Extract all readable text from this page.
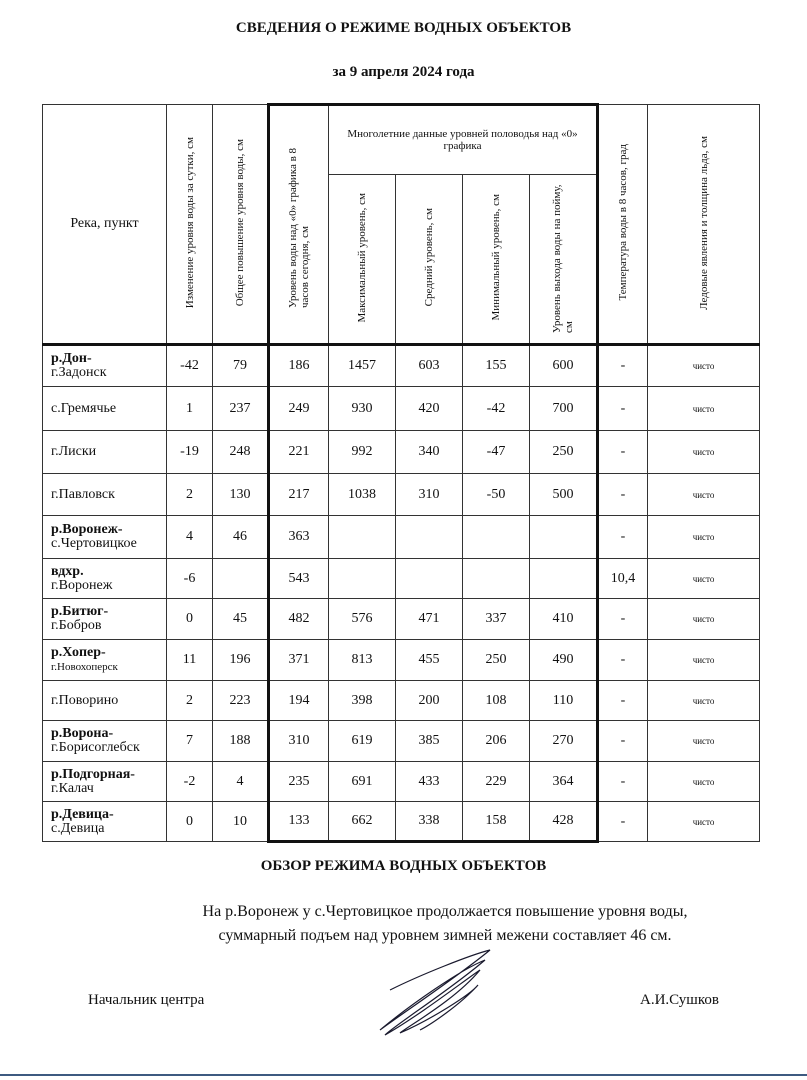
СВЕДЕНИЯ О РЕЖИМЕ ВОДНЫХ ОБЪЕКТОВ
за 9 апреля 2024 года
Река, пункт	Изменение уровня воды за сутки, см	Общее повышение уровня воды, см	Уровень воды над «0» графика в 8 часов сегодня, см	Многолетние данные уровней половодья над «0» графика				Температура воды в 8 часов, град	Ледовые явления и толщина льда, см
				Максимальный уровень, см	Средний уровень, см	Минимальный уровень, см	Уровень выхода воды на пойму, см		

р.Дон-
г.Задонск	-42	79	186	1457	603	155	600	-	чисто

с.Гремячье	1	237	249	930	420	-42	700	-	чисто

г.Лиски	-19	248	221	992	340	-47	250	-	чисто

г.Павловск	2	130	217	1038	310	-50	500	-	чисто

р.Воронеж-
с.Чертовицкое	4	46	363					-	чисто

вдхр.
г.Воронеж	-6		543					10,4	чисто

р.Битюг-
г.Бобров	0	45	482	576	471	337	410	-	чисто

р.Хопер-
г.Новохоперск	11	196	371	813	455	250	490	-	чисто

г.Поворино	2	223	194	398	200	108	110	-	чисто

р.Ворона-
г.Борисоглебск	7	188	310	619	385	206	270	-	чисто

р.Подгорная-
г.Калач	-2	4	235	691	433	229	364	-	чисто

р.Девица-
с.Девица	0	10	133	662	338	158	428	-	чисто
ОБЗОР РЕЖИМА ВОДНЫХ ОБЪЕКТОВ
На р.Воронеж у с.Чертовицкое продолжается повышение уровня воды,
суммарный подъем над уровнем зимней межени составляет 46 см.
Начальник центра	А.И.Сушков
